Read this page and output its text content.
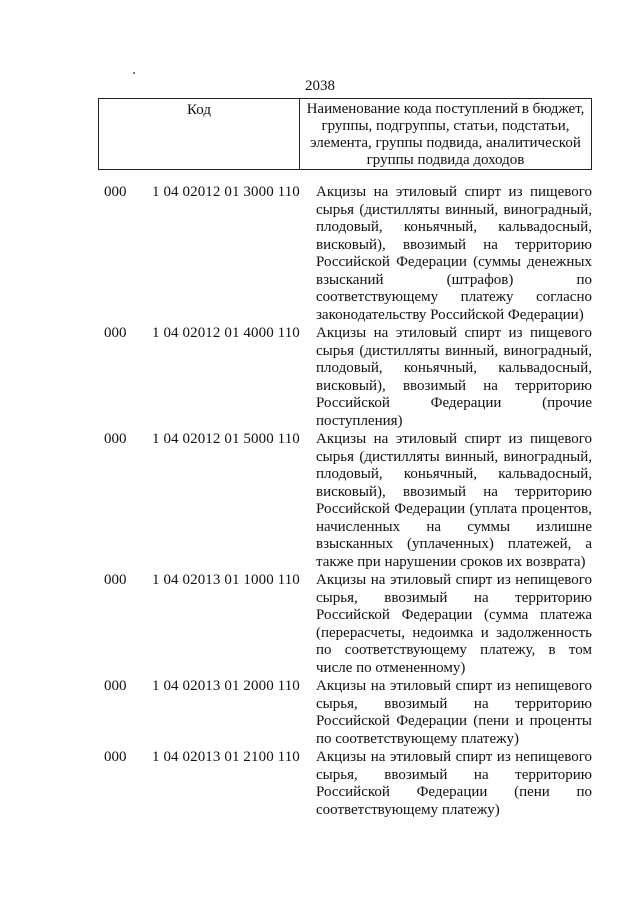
2038
Код	Наименование кода поступлений в бюджет, группы, подгруппы, статьи, подстатьи, элемента, группы подвида, аналитической группы подвида доходов
000	1 04 02012 01 3000 110	Акцизы на этиловый спирт из пищевого сырья (дистилляты винный, виноградный, плодовый, коньячный, кальвадосный, висковый), ввозимый на территорию Российской Федерации (суммы денежных взысканий (штрафов) по соответствующему платежу согласно законодательству Российской Федерации)
000	1 04 02012 01 4000 110	Акцизы на этиловый спирт из пищевого сырья (дистилляты винный, виноградный, плодовый, коньячный, кальвадосный, висковый), ввозимый на территорию Российской Федерации (прочие поступления)
000	1 04 02012 01 5000 110	Акцизы на этиловый спирт из пищевого сырья (дистилляты винный, виноградный, плодовый, коньячный, кальвадосный, висковый), ввозимый на территорию Российской Федерации (уплата процентов, начисленных на суммы излишне взысканных (уплаченных) платежей, а также при нарушении сроков их возврата)
000	1 04 02013 01 1000 110	Акцизы на этиловый спирт из непищевого сырья, ввозимый на территорию Российской Федерации (сумма платежа (перерасчеты, недоимка и задолженность по соответствующему платежу, в том числе по отмененному)
000	1 04 02013 01 2000 110	Акцизы на этиловый спирт из непищевого сырья, ввозимый на территорию Российской Федерации (пени и проценты по соответствующему платежу)
000	1 04 02013 01 2100 110	Акцизы на этиловый спирт из непищевого сырья, ввозимый на территорию Российской Федерации (пени по соответствующему платежу)
